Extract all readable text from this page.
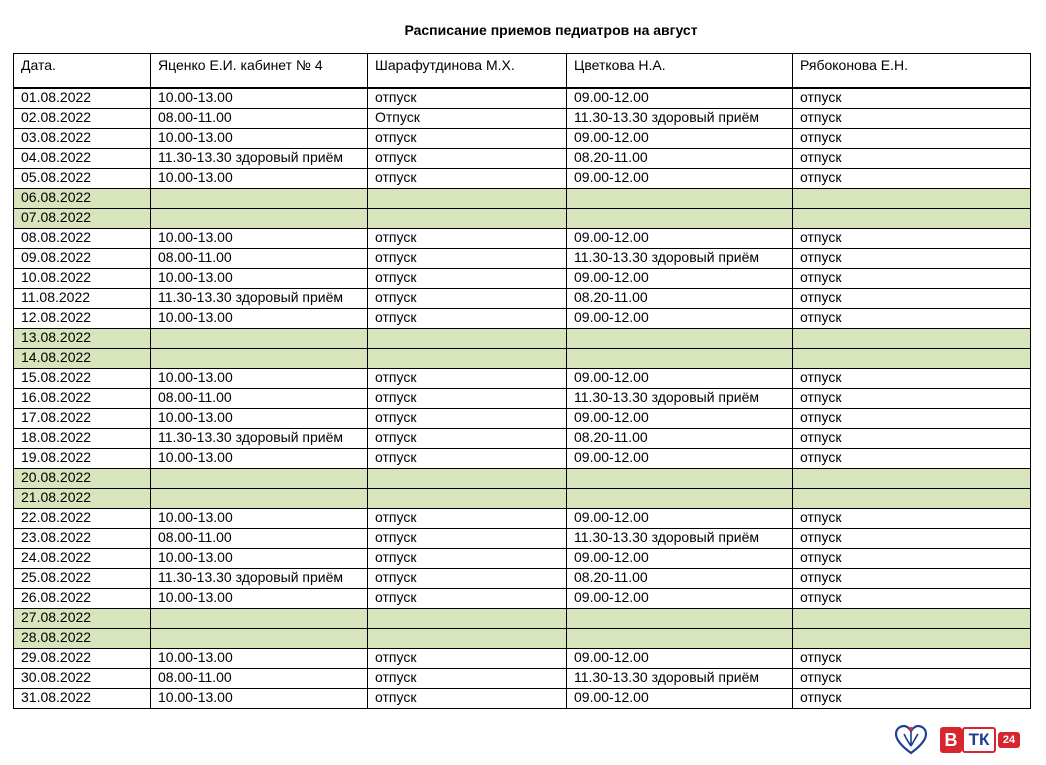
Расписание приемов педиатров на август
Дата.	Яценко Е.И. кабинет № 4	Шарафутдинова М.Х.	Цветкова Н.А.	Рябоконова Е.Н.

01.08.2022	10.00-13.00	отпуск	09.00-12.00	отпуск
02.08.2022	08.00-11.00	Отпуск	11.30-13.30 здоровый приём	отпуск
03.08.2022	10.00-13.00	отпуск	09.00-12.00	отпуск
04.08.2022	11.30-13.30 здоровый приём	отпуск	08.20-11.00	отпуск
05.08.2022	10.00-13.00	отпуск	09.00-12.00	отпуск
06.08.2022				
07.08.2022				
08.08.2022	10.00-13.00	отпуск	09.00-12.00	отпуск
09.08.2022	08.00-11.00	отпуск	11.30-13.30 здоровый приём	отпуск
10.08.2022	10.00-13.00	отпуск	09.00-12.00	отпуск
11.08.2022	11.30-13.30 здоровый приём	отпуск	08.20-11.00	отпуск
12.08.2022	10.00-13.00	отпуск	09.00-12.00	отпуск
13.08.2022				
14.08.2022				
15.08.2022	10.00-13.00	отпуск	09.00-12.00	отпуск
16.08.2022	08.00-11.00	отпуск	11.30-13.30 здоровый приём	отпуск
17.08.2022	10.00-13.00	отпуск	09.00-12.00	отпуск
18.08.2022	11.30-13.30 здоровый приём	отпуск	08.20-11.00	отпуск
19.08.2022	10.00-13.00	отпуск	09.00-12.00	отпуск
20.08.2022				
21.08.2022				
22.08.2022	10.00-13.00	отпуск	09.00-12.00	отпуск
23.08.2022	08.00-11.00	отпуск	11.30-13.30 здоровый приём	отпуск
24.08.2022	10.00-13.00	отпуск	09.00-12.00	отпуск
25.08.2022	11.30-13.30 здоровый приём	отпуск	08.20-11.00	отпуск
26.08.2022	10.00-13.00	отпуск	09.00-12.00	отпуск
27.08.2022				
28.08.2022				
29.08.2022	10.00-13.00	отпуск	09.00-12.00	отпуск
30.08.2022	08.00-11.00	отпуск	11.30-13.30 здоровый приём	отпуск
31.08.2022	10.00-13.00	отпуск	09.00-12.00	отпуск
В ТК	24
